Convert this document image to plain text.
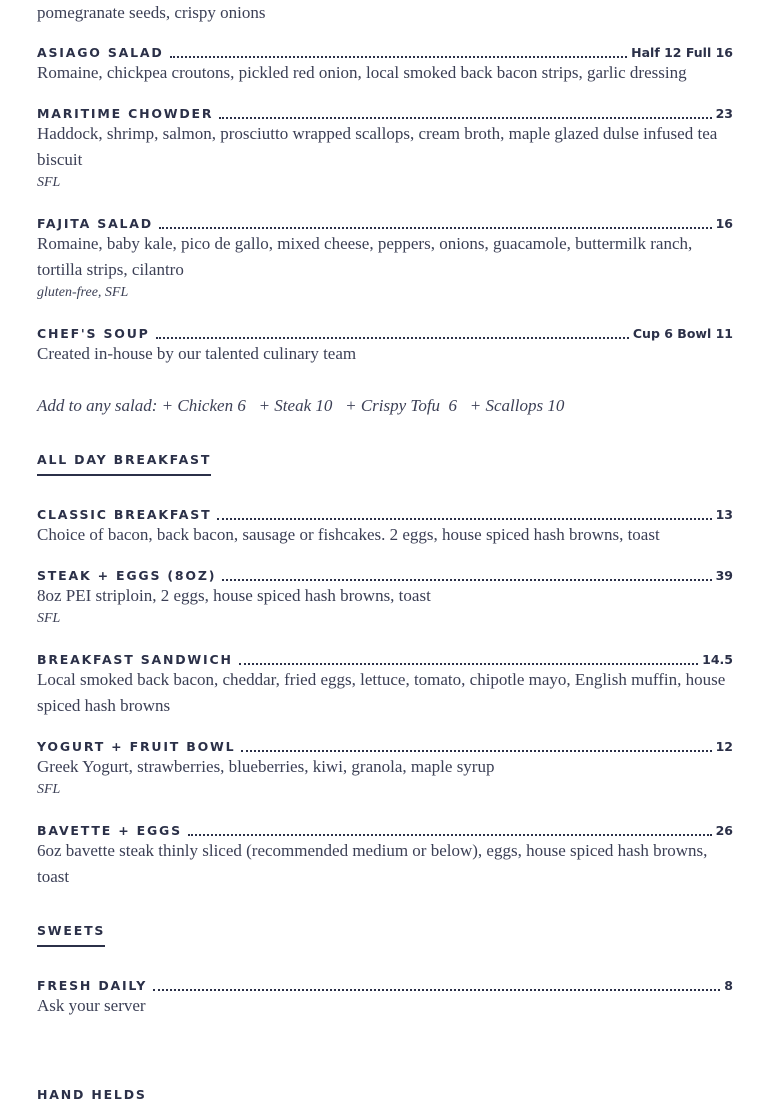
pomegranate seeds, crispy onions

ASIAGO SALAD	Half 12 Full 16

Romaine, chickpea croutons, pickled red onion, local smoked back bacon strips, garlic dressing

MARITIME CHOWDER	23

Haddock, shrimp, salmon, prosciutto wrapped scallops, cream broth, maple glazed dulse infused tea biscuit

SFL

FAJITA SALAD	16

Romaine, baby kale, pico de gallo, mixed cheese, peppers, onions, guacamole, buttermilk ranch, tortilla strips, cilantro

gluten-free, SFL

CHEF'S SOUP	Cup 6 Bowl 11

Created in-house by our talented culinary team

Add to any salad: + Chicken 6   + Steak 10   + Crispy Tofu  6   + Scallops 10
ALL DAY BREAKFAST
CLASSIC BREAKFAST	13

Choice of bacon, back bacon, sausage or fishcakes. 2 eggs, house spiced hash browns, toast

STEAK + EGGS (8OZ)	39

8oz PEI striploin, 2 eggs, house spiced hash browns, toast

SFL

BREAKFAST SANDWICH	14.5

Local smoked back bacon, cheddar, fried eggs, lettuce, tomato, chipotle mayo, English muffin, house spiced hash browns

YOGURT + FRUIT BOWL	12

Greek Yogurt, strawberries, blueberries, kiwi, granola, maple syrup

SFL

BAVETTE + EGGS	26

6oz bavette steak thinly sliced (recommended medium or below), eggs, house spiced hash browns, toast

SWEETS
FRESH DAILY	8

Ask your server

HAND HELDS
